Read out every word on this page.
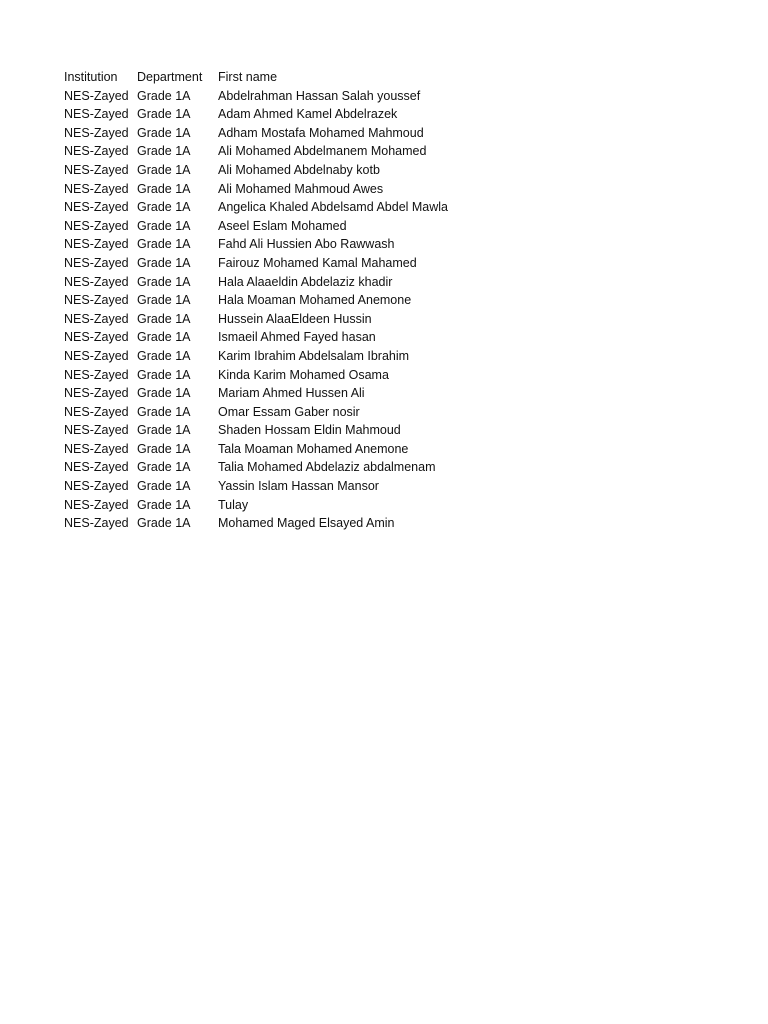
Institution	Department	First name
NES-Zayed	Grade 1A	Abdelrahman Hassan Salah youssef
NES-Zayed	Grade 1A	Adam Ahmed Kamel Abdelrazek
NES-Zayed	Grade 1A	Adham Mostafa Mohamed Mahmoud
NES-Zayed	Grade 1A	Ali Mohamed Abdelmanem Mohamed
NES-Zayed	Grade 1A	Ali Mohamed Abdelnaby kotb
NES-Zayed	Grade 1A	Ali Mohamed Mahmoud Awes
NES-Zayed	Grade 1A	Angelica Khaled Abdelsamd Abdel Mawla
NES-Zayed	Grade 1A	Aseel Eslam Mohamed
NES-Zayed	Grade 1A	Fahd Ali Hussien Abo Rawwash
NES-Zayed	Grade 1A	Fairouz Mohamed Kamal Mahamed
NES-Zayed	Grade 1A	Hala Alaaeldin Abdelaziz khadir
NES-Zayed	Grade 1A	Hala Moaman Mohamed Anemone
NES-Zayed	Grade 1A	Hussein AlaaEldeen Hussin
NES-Zayed	Grade 1A	Ismaeil Ahmed Fayed hasan
NES-Zayed	Grade 1A	Karim Ibrahim Abdelsalam Ibrahim
NES-Zayed	Grade 1A	Kinda Karim Mohamed Osama
NES-Zayed	Grade 1A	Mariam Ahmed Hussen Ali
NES-Zayed	Grade 1A	Omar Essam Gaber nosir
NES-Zayed	Grade 1A	Shaden Hossam Eldin Mahmoud
NES-Zayed	Grade 1A	Tala Moaman Mohamed Anemone
NES-Zayed	Grade 1A	Talia Mohamed Abdelaziz abdalmenam
NES-Zayed	Grade 1A	Yassin Islam Hassan Mansor
NES-Zayed	Grade 1A	Tulay
NES-Zayed	Grade 1A	Mohamed Maged Elsayed Amin
